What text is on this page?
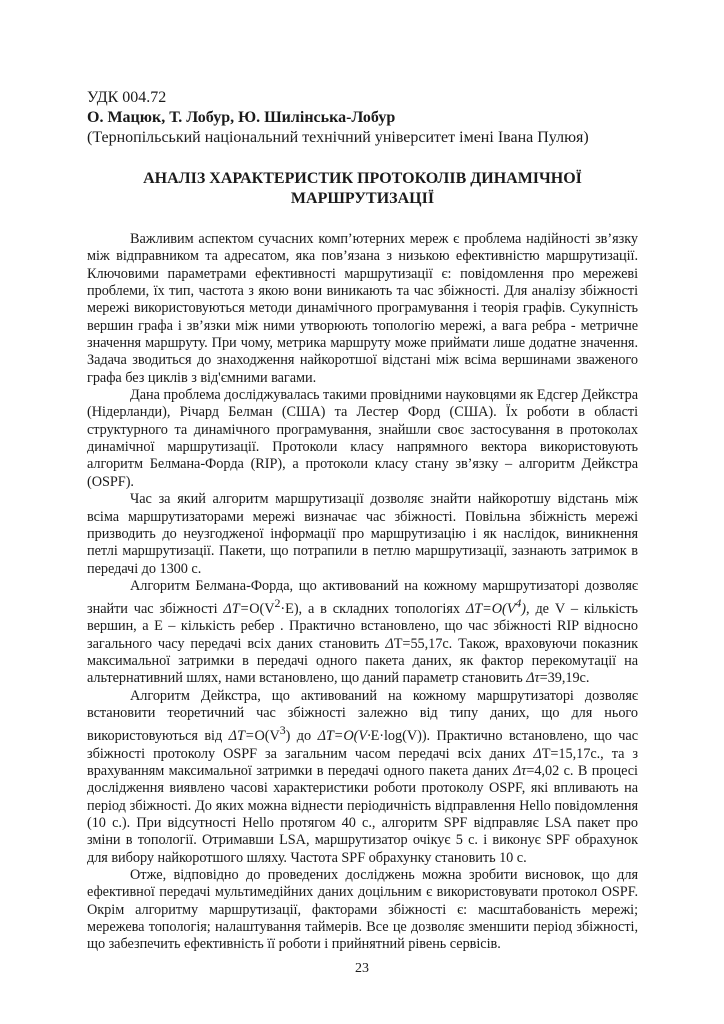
УДК 004.72
О. Мацюк, Т. Лобур, Ю. Шилінська-Лобур
(Тернопільський національний технічний університет імені Івана Пулюя)
АНАЛІЗ ХАРАКТЕРИСТИК ПРОТОКОЛІВ ДИНАМІЧНОЇ
МАРШРУТИЗАЦІЇ

Важливим аспектом сучасних комп’ютерних мереж є проблема надійності зв’язку між відправником та адресатом, яка пов’язана з низькою ефективністю маршрутизації. Ключовими параметрами ефективності маршрутизації є: повідомлення про мережеві проблеми, їх тип, частота з якою вони виникають та час збіжності. Для аналізу збіжності мережі використовуються методи динамічного програмування і теорія графів. Сукупність вершин графа і зв’язки між ними утворюють топологію мережі, а вага ребра - метричне значення маршруту. При чому, метрика маршруту може приймати лише додатне значення. Задача зводиться до знаходження найкоротшої відстані між всіма вершинами зваженого графа без циклів з від'ємними вагами.

Дана проблема досліджувалась такими провідними науковцями як Едсгер Дейкстра (Нідерланди), Річард Белман (США) та Лестер Форд (США). Їх роботи в області структурного та динамічного програмування, знайшли своє застосування в протоколах динамічної маршрутизації. Протоколи класу напрямного вектора використовують алгоритм Белмана-Форда (RIP), а протоколи класу стану зв’язку – алгоритм Дейкстра (OSPF).

Час за який алгоритм маршрутизації дозволяє знайти найкоротшу відстань між всіма маршрутизаторами мережі визначає час збіжності. Повільна збіжність мережі призводить до неузгодженої інформації про маршрутизацію і як наслідок, виникнення петлі маршрутизації. Пакети, що потрапили в петлю маршрутизації, зазнають затримок в передачі до 1300 с.

Алгоритм Белмана-Форда, що активований на кожному маршрутизаторі дозволяє знайти час збіжності $\Delta T=O(V^2\cdot E)$, а в складних топологіях $\Delta T=O(V^4)$, де V – кількість вершин, а E – кількість ребер . Практично встановлено, що час збіжності RIP відносно загального часу передачі всіх даних становить ΔT=55,17с. Також, враховуючи показник максимальної затримки в передачі одного пакета даних, як фактор перекомутації на альтернативний шлях, нами встановлено, що даний параметр становить Δτ=39,19с.

Алгоритм Дейкстра, що активований на кожному маршрутизаторі дозволяє встановити теоретичний час збіжності залежно від типу даних, що для нього використовуються від $\Delta T=O(V^3)$ до ΔT=O(V·E·log(V)). Практично встановлено, що час збіжності протоколу OSPF за загальним часом передачі всіх даних ΔT=15,17с., та з врахуванням максимальної затримки в передачі одного пакета даних Δτ=4,02 с. В процесі дослідження виявлено часові характеристики роботи протоколу OSPF, які впливають на період збіжності. До яких можна віднести періодичність відправлення Hello повідомлення (10 с.). При відсутності Hello протягом 40 с., алгоритм SPF відправляє LSA пакет про зміни в топології. Отримавши LSA, маршрутизатор очікує 5 с. і виконує SPF обрахунок для вибору найкоротшого шляху. Частота SPF обрахунку становить 10 с.

Отже, відповідно до проведених досліджень можна зробити висновок, що для ефективної передачі мультимедійних даних доцільним є використовувати протокол OSPF. Окрім алгоритму маршрутизації, факторами збіжності є: масштабованість мережі; мережева топологія; налаштування таймерів. Все це дозволяє зменшити період збіжності, що забезпечить ефективність її роботи і прийнятний рівень сервісів.

23
